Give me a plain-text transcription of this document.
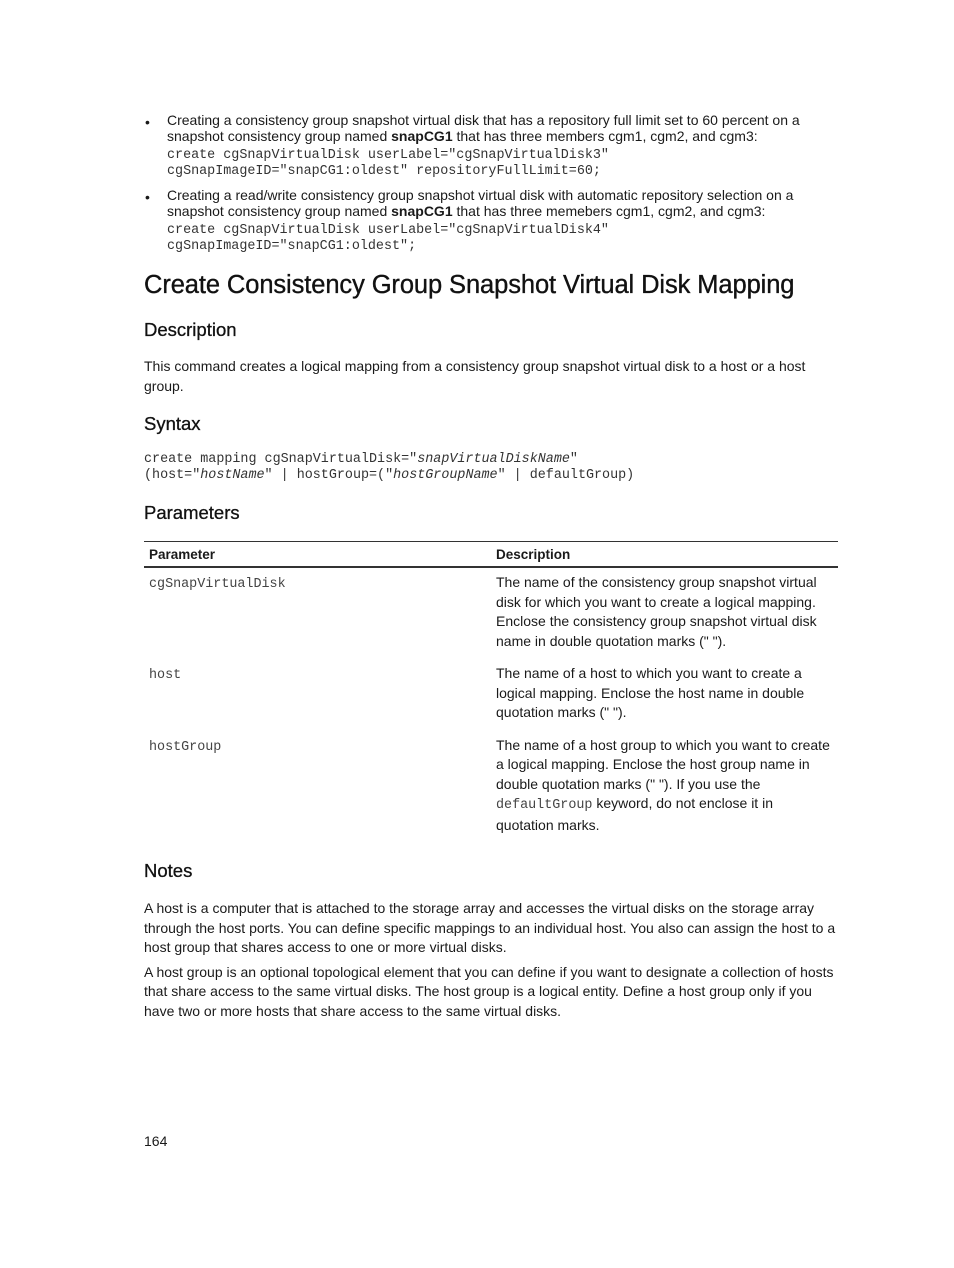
• Creating a consistency group snapshot virtual disk that has a repository full limit set to 60 percent on a snapshot consistency group named snapCG1 that has three members cgm1, cgm2, and cgm3:
create cgSnapVirtualDisk userLabel="cgSnapVirtualDisk3"
cgSnapImageID="snapCG1:oldest" repositoryFullLimit=60;
• Creating a read/write consistency group snapshot virtual disk with automatic repository selection on a snapshot consistency group named snapCG1 that has three memebers cgm1, cgm2, and cgm3:
create cgSnapVirtualDisk userLabel="cgSnapVirtualDisk4"
cgSnapImageID="snapCG1:oldest";
Create Consistency Group Snapshot Virtual Disk Mapping
Description

This command creates a logical mapping from a consistency group snapshot virtual disk to a host or a host group.

Syntax
create mapping cgSnapVirtualDisk="snapVirtualDiskName"
(host="hostName" | hostGroup=("hostGroupName" | defaultGroup)
Parameters
Parameter	Description
cgSnapVirtualDisk	The name of the consistency group snapshot virtual disk for which you want to create a logical mapping. Enclose the consistency group snapshot virtual disk name in double quotation marks (" ").
host	The name of a host to which you want to create a logical mapping. Enclose the host name in double quotation marks (" ").
hostGroup	The name of a host group to which you want to create a logical mapping. Enclose the host group name in double quotation marks (" "). If you use the defaultGroup keyword, do not enclose it in quotation marks.
Notes

A host is a computer that is attached to the storage array and accesses the virtual disks on the storage array through the host ports. You can define specific mappings to an individual host. You also can assign the host to a host group that shares access to one or more virtual disks.

A host group is an optional topological element that you can define if you want to designate a collection of hosts that share access to the same virtual disks. The host group is a logical entity. Define a host group only if you have two or more hosts that share access to the same virtual disks.

164
